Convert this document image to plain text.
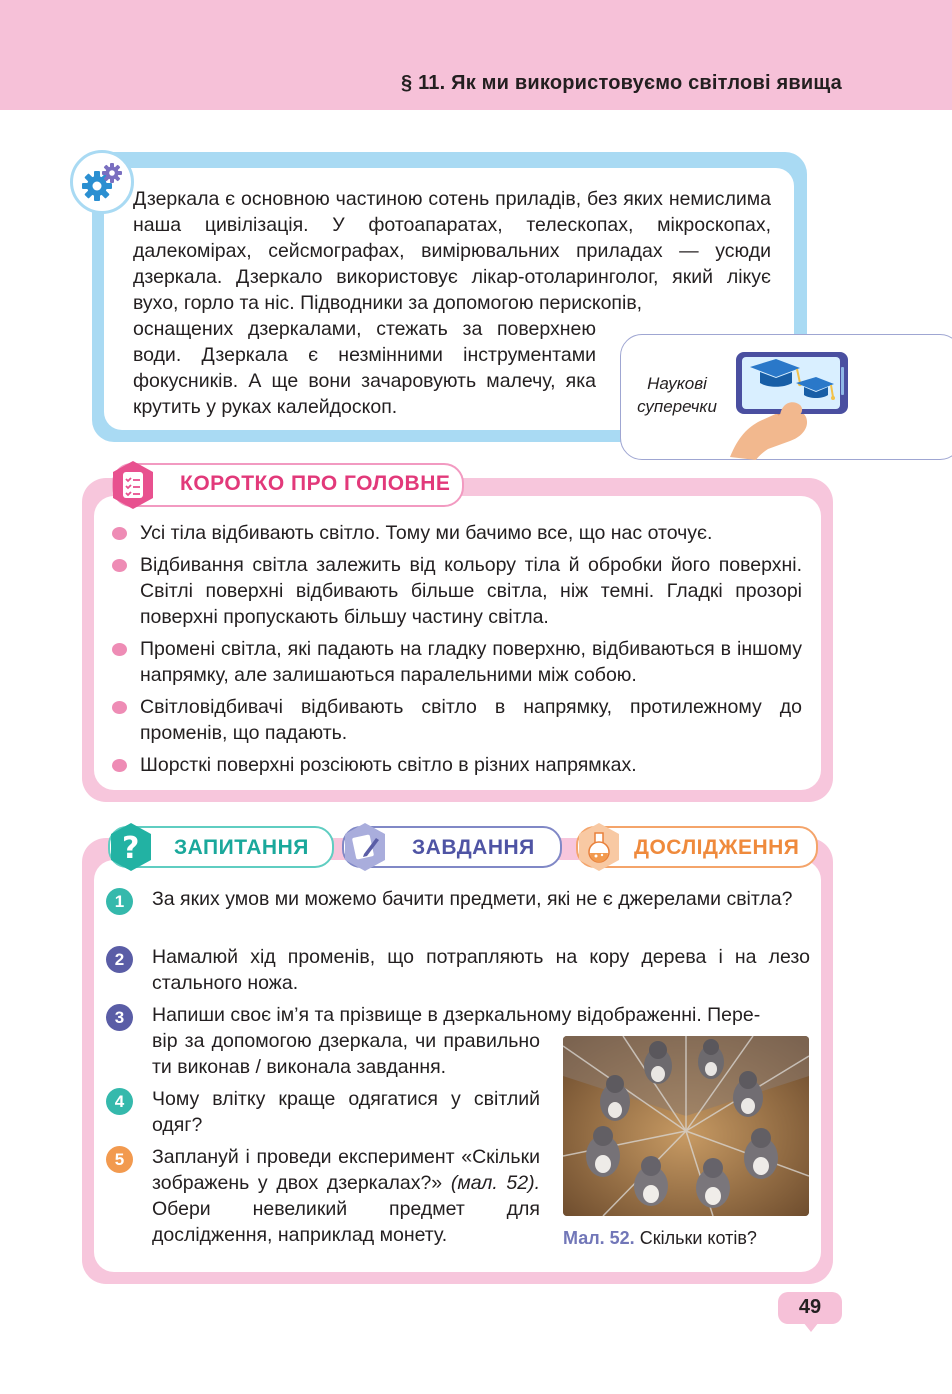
§ 11. Як ми використовуємо світлові явища

Дзеркала є основною частиною сотень приладів, без яких немислима наша цивілізація. У фотоапаратах, телескопах, мікроскопах, далекомірах, сейсмографах, вимірювальних приладах — усюди дзеркала. Дзеркало використовує лікар-отоларинголог, який лікує вухо, горло та ніс. Підводники за допомогою перископів,

оснащених дзеркалами, стежать за поверхнею води. Дзеркала є незмінними інструментами фокусників. А ще вони зачаровують малечу, яка крутить у руках калейдоскоп.

Наукові
суперечки
КОРОТКО ПРО ГОЛОВНЕ
Усі тіла відбивають світло. Тому ми бачимо все, що нас оточує.
Відбивання світла залежить від кольору тіла й обробки його поверхні. Світлі поверхні відбивають більше світла, ніж темні. Гладкі прозорі поверхні пропускають більшу частину світла.
Промені світла, які падають на гладку поверхню, відбиваються в іншому напрямку, але залишаються паралельними між собою.
Світловідбивачі відбивають світло в напрямку, протилежному до променів, що падають.
Шорсткі поверхні розсіюють світло в різних напрямках.
? ЗАПИТАННЯ	ЗАВДАННЯ	ДОСЛІДЖЕННЯ
1	За яких умов ми можемо бачити предмети, які не є джерелами світла?
2	Намалюй хід променів, що потрапляють на кору дерева і на лезо стального ножа.
3	Напиши своє ім’я та прізвище в дзеркальному відображенні. Пере-
вір за допомогою дзеркала, чи правильно ти виконав / виконала завдання.
4	Чому влітку краще одягатися у світлий одяг?
5	Заплануй і проведи експеримент «Скільки зображень у двох дзеркалах?» (мал. 52). Обери невеликий предмет для дослідження, наприклад монету.	Мал. 52. Скільки котів?
49
